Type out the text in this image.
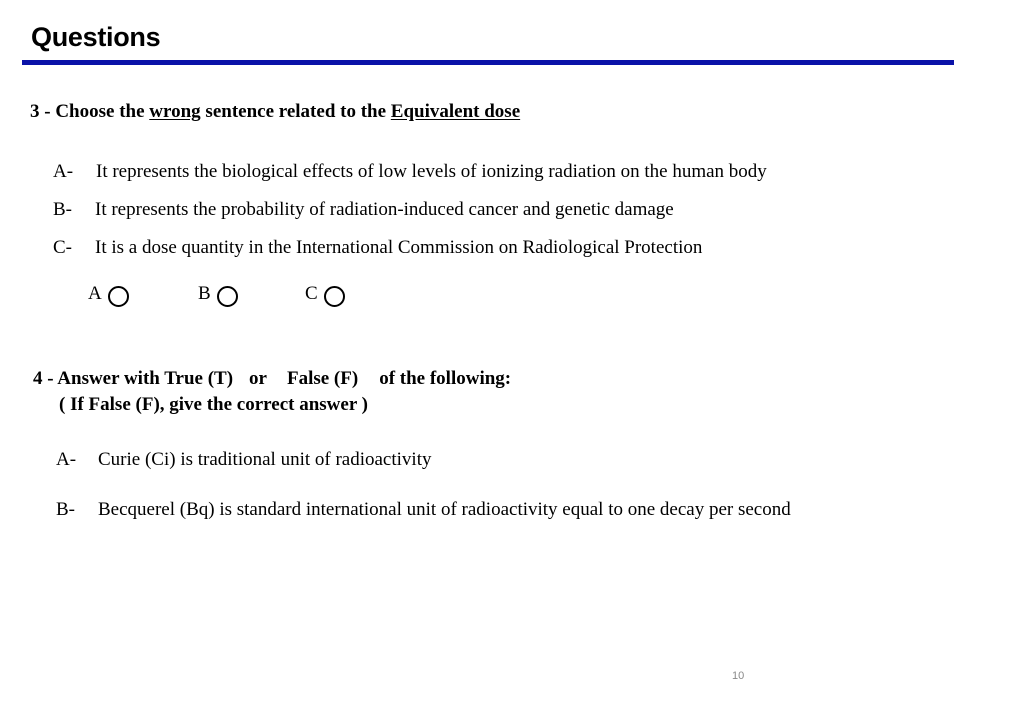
Questions
3 - Choose the wrong sentence related to the Equivalent dose
A- It represents the biological effects of low levels of ionizing radiation on the human body
B- It represents the probability of radiation-induced cancer and genetic damage
C- It is a dose quantity in the International Commission on Radiological Protection
A	B	C
4 - Answer with True (T) or False (F) of the following:
( If False (F), give the correct answer )
A- Curie (Ci) is traditional unit of radioactivity
B- Becquerel (Bq) is standard international unit of radioactivity equal to one decay per second
10
